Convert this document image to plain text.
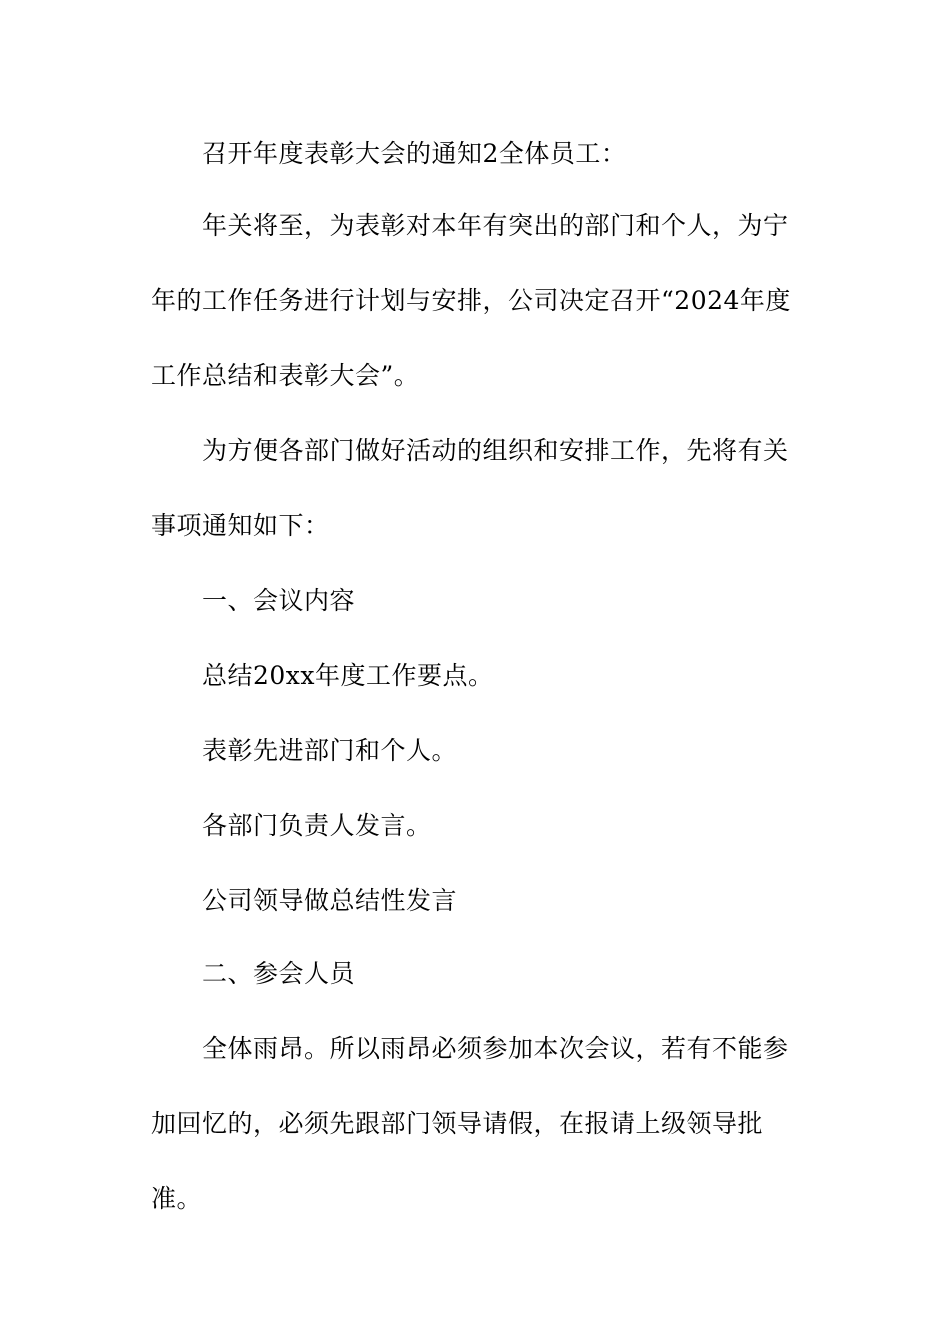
召开年度表彰大会的通知2全体员工：
年关将至，为表彰对本年有突出的部门和个人，为宁
年的工作任务进行计划与安排，公司决定召开“2024年度
工作总结和表彰大会”。
为方便各部门做好活动的组织和安排工作，先将有关
事项通知如下：
一、会议内容
总结20xx年度工作要点。
表彰先进部门和个人。
各部门负责人发言。
公司领导做总结性发言
二、参会人员
全体雨昂。所以雨昂必须参加本次会议，若有不能参
加回忆的，必须先跟部门领导请假，在报请上级领导批
准。
